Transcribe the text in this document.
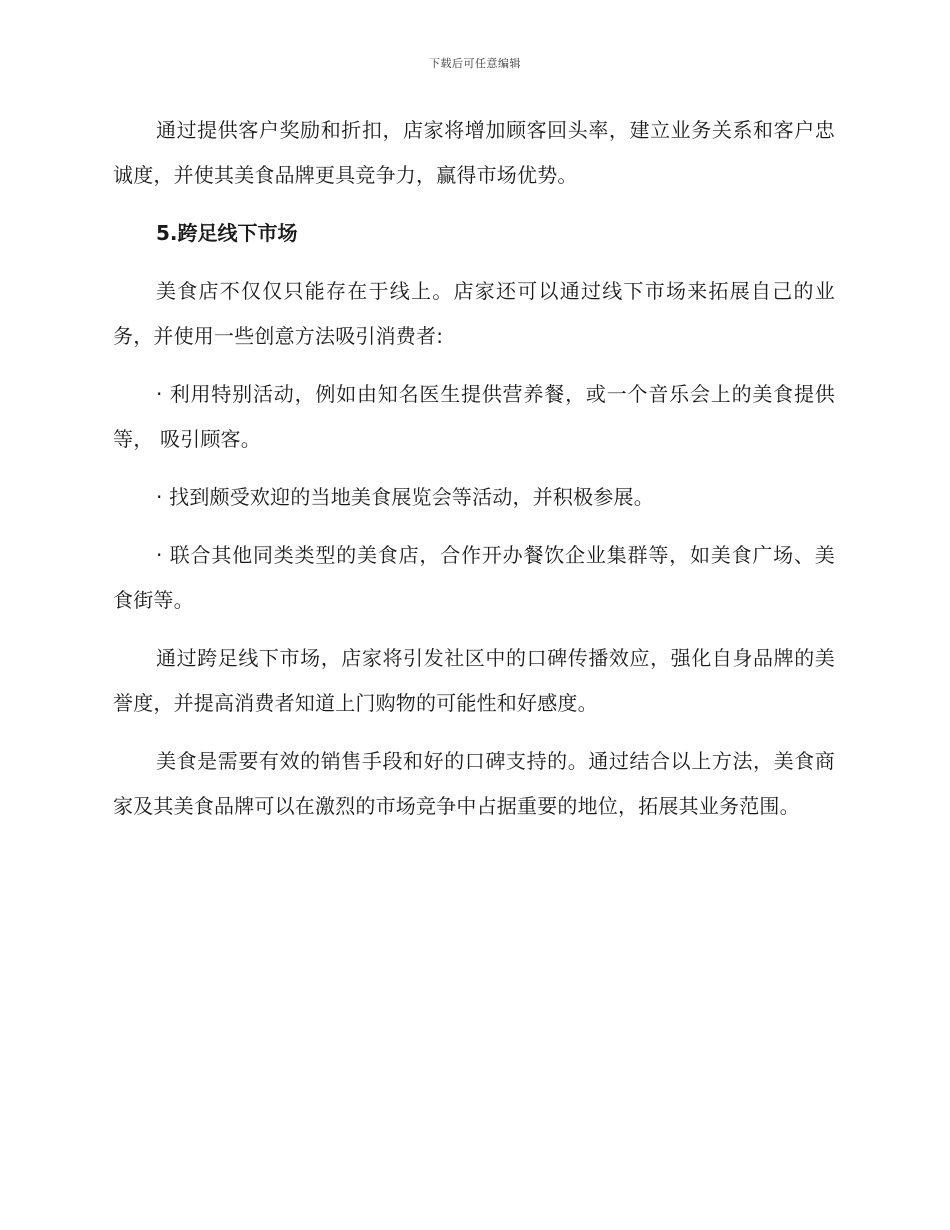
下载后可任意编辑

通过提供客户奖励和折扣，店家将增加顾客回头率，建立业务关系和客户忠诚度，并使其美食品牌更具竞争力，赢得市场优势。

5.跨足线下市场

美食店不仅仅只能存在于线上。店家还可以通过线下市场来拓展自己的业务，并使用一些创意方法吸引消费者:

· 利用特别活动，例如由知名医生提供营养餐，或一个音乐会上的美食提供等， 吸引顾客。

· 找到颇受欢迎的当地美食展览会等活动，并积极参展。

· 联合其他同类类型的美食店，合作开办餐饮企业集群等，如美食广场、美食街等。

通过跨足线下市场，店家将引发社区中的口碑传播效应，强化自身品牌的美誉度，并提高消费者知道上门购物的可能性和好感度。

美食是需要有效的销售手段和好的口碑支持的。通过结合以上方法，美食商家及其美食品牌可以在激烈的市场竞争中占据重要的地位，拓展其业务范围。
